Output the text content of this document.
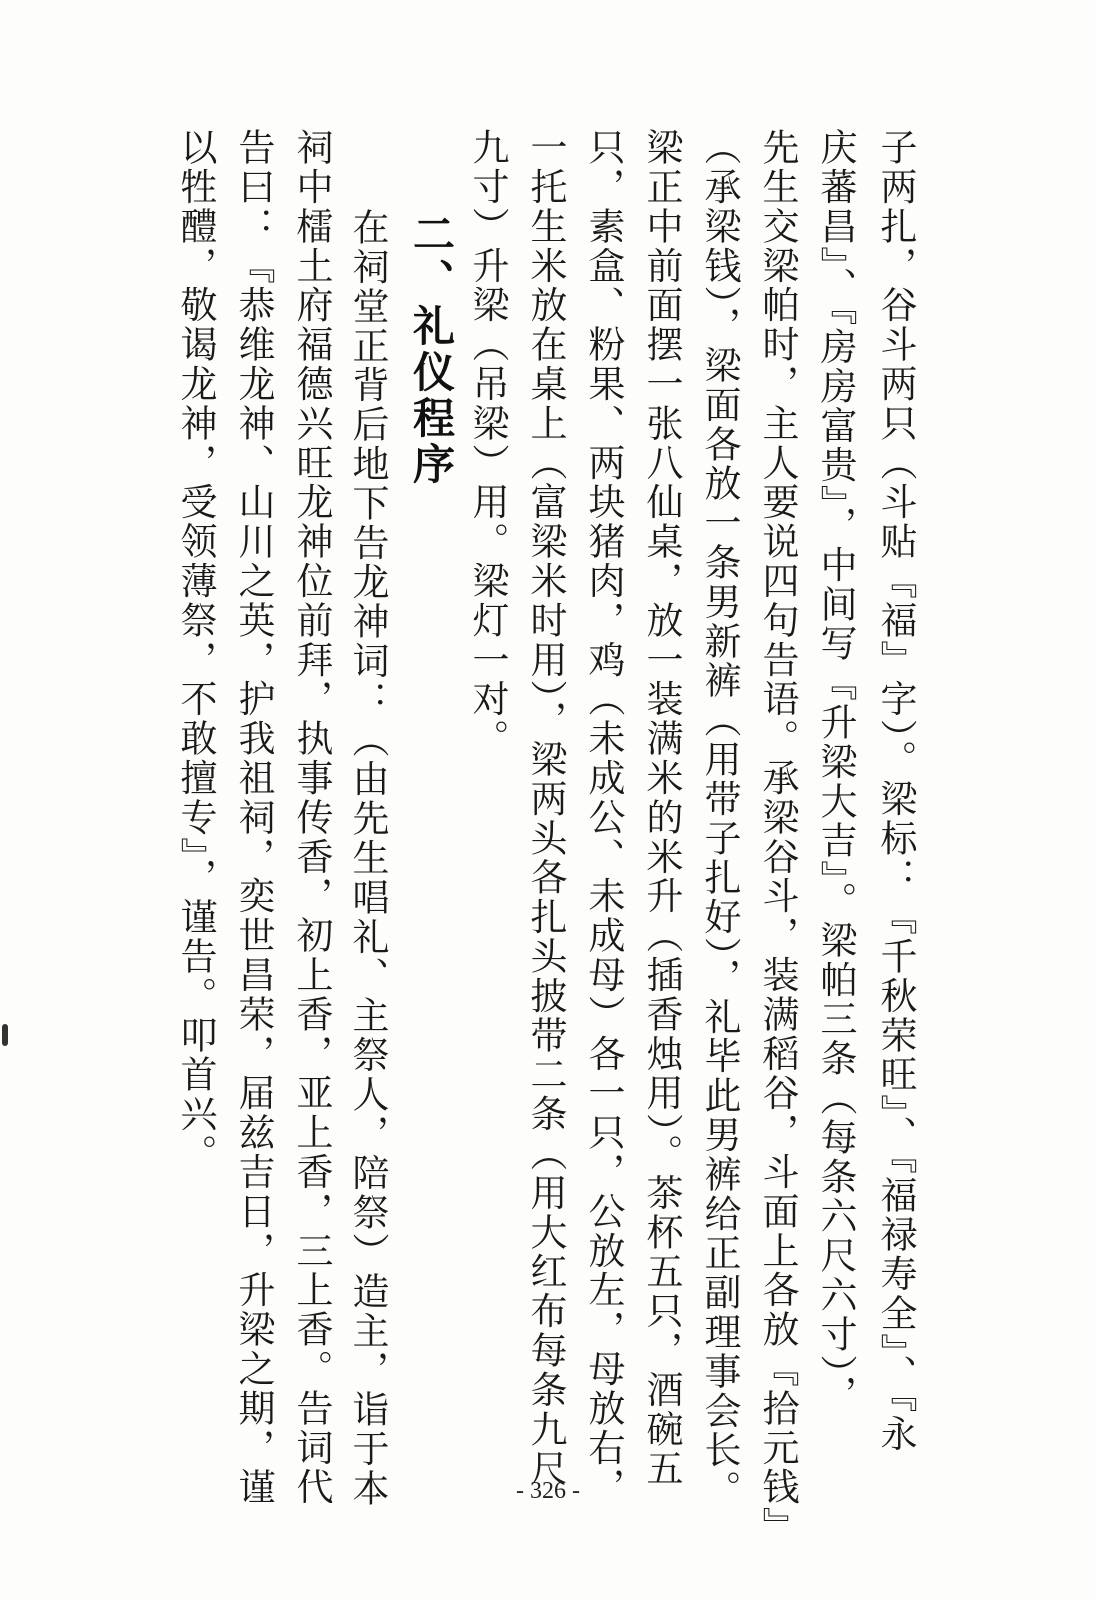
子两扎，谷斗两只（斗贴『福』字）。梁标：『千秋荣旺』、『福禄寿全』、『永
庆蕃昌』、『房房富贵』，中间写『升梁大吉』。梁帕三条（每条六尺六寸），
先生交梁帕时，主人要说四句告语。承梁谷斗，装满稻谷，斗面上各放『拾元钱』
（承梁钱），梁面各放一条男新裤（用带子扎好），礼毕此男裤给正副理事会长。
梁正中前面摆一张八仙桌，放一装满米的米升（插香烛用）。茶杯五只，酒碗五
只，素盒、粉果、两块猪肉，鸡（未成公、未成母）各一只，公放左，母放右，
一托生米放在桌上（富梁米时用），梁两头各扎头披带二条（用大红布每条九尺
九寸）升梁（吊梁）用。梁灯一对。
二、礼仪程序
在祠堂正背后地下告龙神词：（由先生唱礼、主祭人，陪祭）造主，诣于本
祠中檑土府福德兴旺龙神位前拜，执事传香，初上香，亚上香，三上香。告词代
告曰：『恭维龙神、山川之英，护我祖祠，奕世昌荣，届兹吉日，升梁之期，谨
以牲醴，敬谒龙神，受领薄祭，不敢擅专』，谨告。叩首兴。
- 326 -
